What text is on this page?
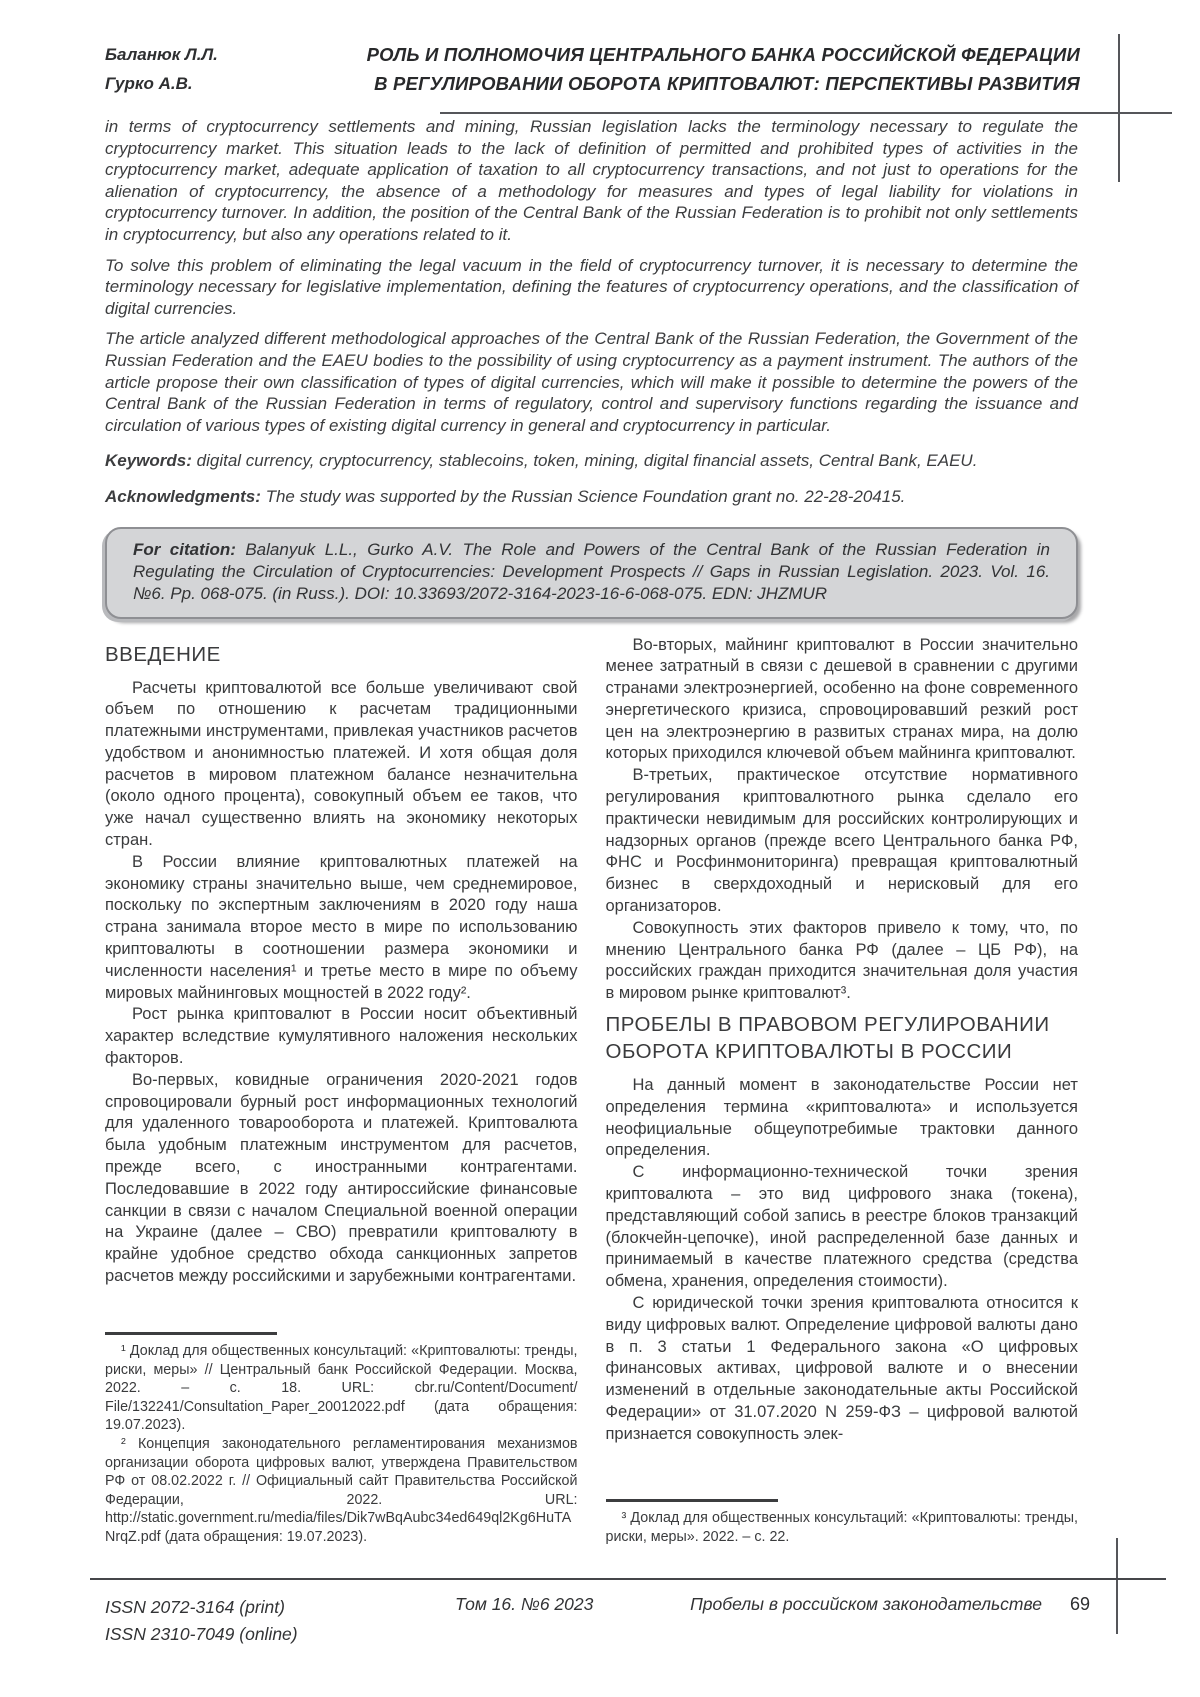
Баланюк Л.Л.
Гурко А.В.
РОЛЬ И ПОЛНОМОЧИЯ ЦЕНТРАЛЬНОГО БАНКА РОССИЙСКОЙ ФЕДЕРАЦИИ
В РЕГУЛИРОВАНИИ ОБОРОТА КРИПТОВАЛЮТ: ПЕРСПЕКТИВЫ РАЗВИТИЯ

in terms of cryptocurrency settlements and mining, Russian legislation lacks the terminology necessary to regulate the cryptocurrency market. This situation leads to the lack of definition of permitted and prohibited types of activities in the cryptocurrency market, adequate application of taxation to all cryptocurrency transactions, and not just to operations for the alienation of cryptocurrency, the absence of a methodology for measures and types of legal liability for violations in cryptocurrency turnover. In addition, the position of the Central Bank of the Russian Federation is to prohibit not only settlements in cryptocurrency, but also any operations related to it.

To solve this problem of eliminating the legal vacuum in the field of cryptocurrency turnover, it is necessary to determine the terminology necessary for legislative implementation, defining the features of cryptocurrency operations, and the classification of digital currencies.

The article analyzed different methodological approaches of the Central Bank of the Russian Federation, the Government of the Russian Federation and the EAEU bodies to the possibility of using cryptocurrency as a payment instrument. The authors of the article propose their own classification of types of digital currencies, which will make it possible to determine the powers of the Central Bank of the Russian Federation in terms of regulatory, control and supervisory functions regarding the issuance and circulation of various types of existing digital currency in general and cryptocurrency in particular.

Keywords: digital currency, cryptocurrency, stablecoins, token, mining, digital financial assets, Central Bank, EAEU.

Acknowledgments: The study was supported by the Russian Science Foundation grant no. 22-28-20415.

For citation: Balanyuk L.L., Gurko A.V. The Role and Powers of the Central Bank of the Russian Federation in Regulating the Circulation of Cryptocurrencies: Development Prospects // Gaps in Russian Legislation. 2023. Vol. 16. №6. Pp. 068-075. (in Russ.). DOI: 10.33693/2072-3164-2023-16-6-068-075. EDN: JHZMUR

ВВЕДЕНИЕ

Расчеты криптовалютой все больше увеличивают свой объем по отношению к расчетам традиционными платежными инструментами, привлекая участников расчетов удобством и анонимностью платежей. И хотя общая доля расчетов в мировом платежном балансе незначительна (около одного процента), совокупный объем ее таков, что уже начал существенно влиять на экономику некоторых стран.

В России влияние криптовалютных платежей на экономику страны значительно выше, чем среднемировое, поскольку по экспертным заключениям в 2020 году наша страна занимала второе место в мире по использованию криптовалюты в соотношении размера экономики и численности населения¹ и третье место в мире по объему мировых майнинговых мощностей в 2022 году².

Рост рынка криптовалют в России носит объективный характер вследствие кумулятивного наложения нескольких факторов.

Во-первых, ковидные ограничения 2020-2021 годов спровоцировали бурный рост информационных технологий для удаленного товарооборота и платежей. Криптовалюта была удобным платежным инструментом для расчетов, прежде всего, с иностранными контрагентами. Последовавшие в 2022 году антироссийские финансовые санкции в связи с началом Специальной военной операции на Украине (далее – СВО) превратили криптовалюту в крайне удобное средство обхода санкционных запретов расчетов между российскими и зарубежными контрагентами.

¹ Доклад для общественных консультаций: «Криптовалюты: тренды, риски, меры» // Центральный банк Российской Федерации. Москва, 2022. – с. 18. URL: cbr.ru/Content/Document/ File/132241/Consultation_Paper_20012022.pdf (дата обращения: 19.07.2023).

² Концепция законодательного регламентирования механизмов организации оборота цифровых валют, утверждена Правительством РФ от 08.02.2022 г. // Официальный сайт Правительства Российской Федерации, 2022. URL: http://static.government.ru/media/files/Dik7wBqAubc34ed649ql2Kg6HuTANrqZ.pdf (дата обращения: 19.07.2023).

Во-вторых, майнинг криптовалют в России значительно менее затратный в связи с дешевой в сравнении с другими странами электроэнергией, особенно на фоне современного энергетического кризиса, спровоцировавший резкий рост цен на электроэнергию в развитых странах мира, на долю которых приходился ключевой объем майнинга криптовалют.

В-третьих, практическое отсутствие нормативного регулирования криптовалютного рынка сделало его практически невидимым для российских контролирующих и надзорных органов (прежде всего Центрального банка РФ, ФНС и Росфинмониторинга) превращая криптовалютный бизнес в сверхдоходный и нерисковый для его организаторов.

Совокупность этих факторов привело к тому, что, по мнению Центрального банка РФ (далее – ЦБ РФ), на российских граждан приходится значительная доля участия в мировом рынке криптовалют³.

ПРОБЕЛЫ В ПРАВОВОМ РЕГУЛИРОВАНИИ ОБОРОТА КРИПТОВАЛЮТЫ В РОССИИ

На данный момент в законодательстве России нет определения термина «криптовалюта» и используется неофициальные общеупотребимые трактовки данного определения.

С информационно-технической точки зрения криптовалюта – это вид цифрового знака (токена), представляющий собой запись в реестре блоков транзакций (блокчейн-цепочке), иной распределенной базе данных и принимаемый в качестве платежного средства (средства обмена, хранения, определения стоимости).

С юридической точки зрения криптовалюта относится к виду цифровых валют. Определение цифровой валюты дано в п. 3 статьи 1 Федерального закона «О цифровых финансовых активах, цифровой валюте и о внесении изменений в отдельные законодательные акты Российской Федерации» от 31.07.2020 N 259-ФЗ – цифровой валютой признается совокупность элек-

³ Доклад для общественных консультаций: «Криптовалюты: тренды, риски, меры». 2022. – с. 22.

ISSN 2072-3164 (print)
ISSN 2310-7049 (online)
Том 16. №6 2023	Пробелы в российском законодательстве 69
